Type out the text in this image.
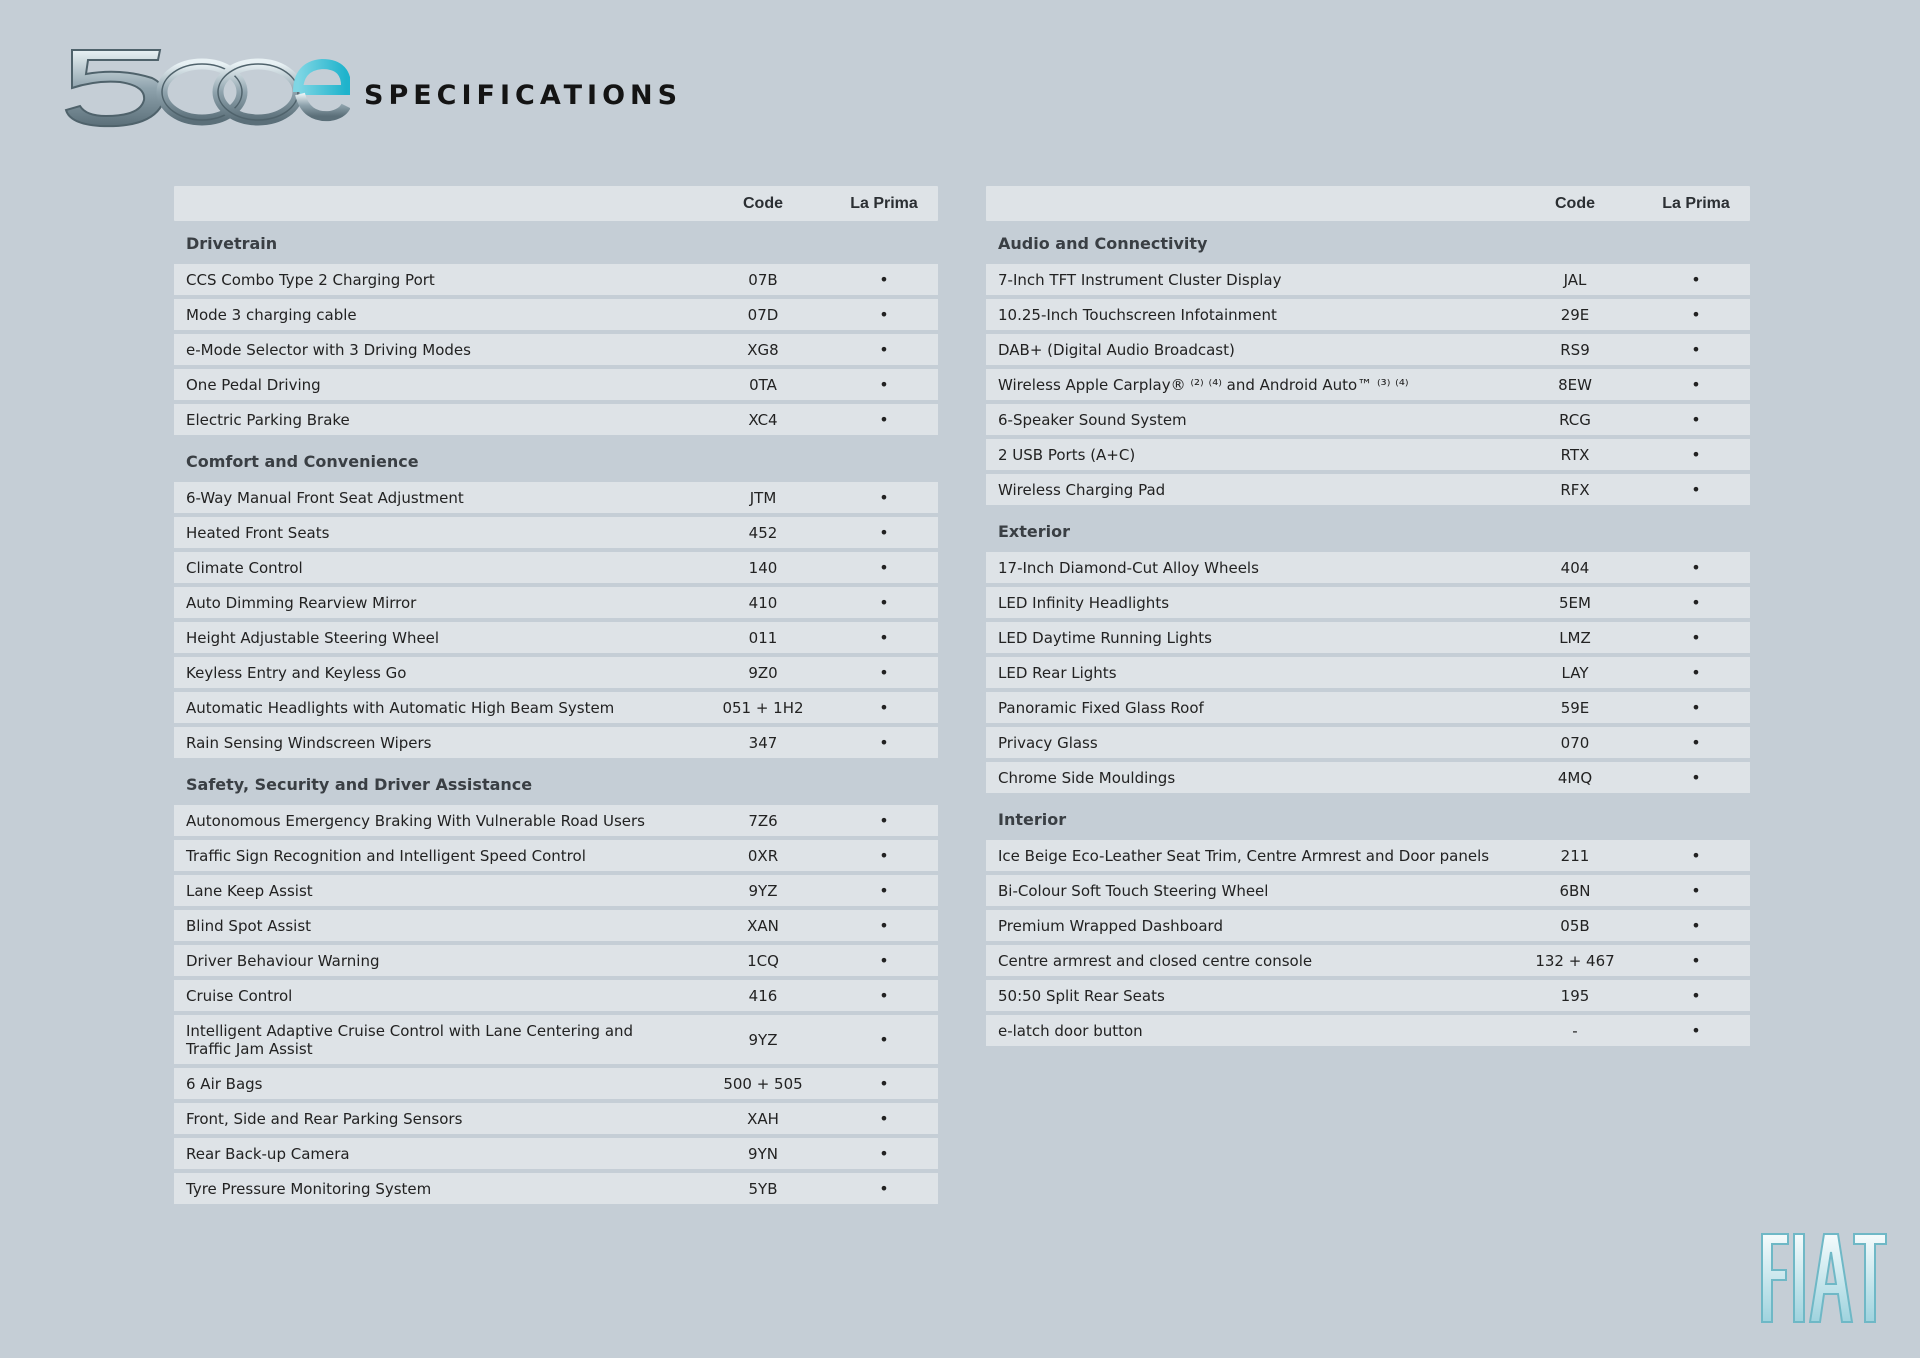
SPECIFICATIONS
Code	La Prima
Drivetrain
CCS Combo Type 2 Charging Port	07B	•
Mode 3 charging cable	07D	•
e-Mode Selector with 3 Driving Modes	XG8	•
One Pedal Driving	0TA	•
Electric Parking Brake	XC4	•
Comfort and Convenience
6-Way Manual Front Seat Adjustment	JTM	•
Heated Front Seats	452	•
Climate Control	140	•
Auto Dimming Rearview Mirror	410	•
Height Adjustable Steering Wheel	011	•
Keyless Entry and Keyless Go	9Z0	•
Automatic Headlights with Automatic High Beam System	051 + 1H2	•
Rain Sensing Windscreen Wipers	347	•
Safety, Security and Driver Assistance
Autonomous Emergency Braking With Vulnerable Road Users	7Z6	•
Traffic Sign Recognition and Intelligent Speed Control	0XR	•
Lane Keep Assist	9YZ	•
Blind Spot Assist	XAN	•
Driver Behaviour Warning	1CQ	•
Cruise Control	416	•
Intelligent Adaptive Cruise Control with Lane Centering and Traffic Jam Assist	9YZ	•
6 Air Bags	500 + 505	•
Front, Side and Rear Parking Sensors	XAH	•
Rear Back-up Camera	9YN	•
Tyre Pressure Monitoring System	5YB	•
Code	La Prima
Audio and Connectivity
7-Inch TFT Instrument Cluster Display	JAL	•
10.25-Inch Touchscreen Infotainment	29E	•
DAB+ (Digital Audio Broadcast)	RS9	•
Wireless Apple Carplay® ⁽²⁾ ⁽⁴⁾ and Android Auto™ ⁽³⁾ ⁽⁴⁾	8EW	•
6-Speaker Sound System	RCG	•
2 USB Ports (A+C)	RTX	•
Wireless Charging Pad	RFX	•
Exterior
17-Inch Diamond-Cut Alloy Wheels	404	•
LED Infinity Headlights	5EM	•
LED Daytime Running Lights	LMZ	•
LED Rear Lights	LAY	•
Panoramic Fixed Glass Roof	59E	•
Privacy Glass	070	•
Chrome Side Mouldings	4MQ	•
Interior
Ice Beige Eco-Leather Seat Trim, Centre Armrest and Door panels	211	•
Bi-Colour Soft Touch Steering Wheel	6BN	•
Premium Wrapped Dashboard	05B	•
Centre armrest and closed centre console	132 + 467	•
50:50 Split Rear Seats	195	•
e-latch door button	-	•
